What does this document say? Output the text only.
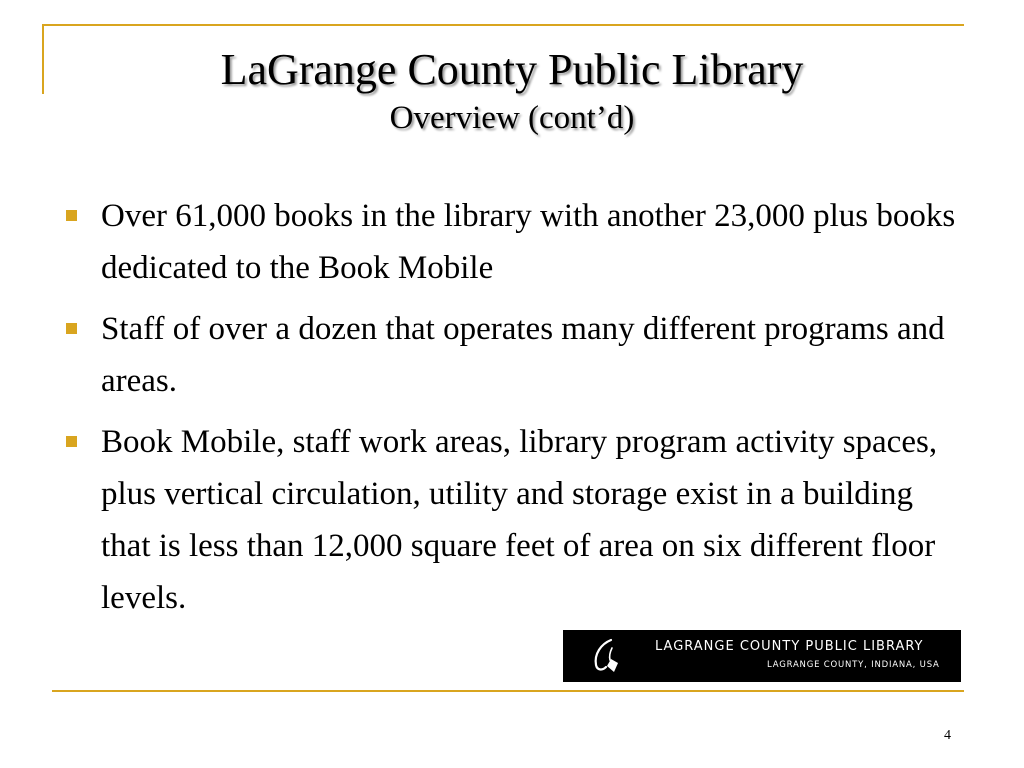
LaGrange County Public Library
Overview (cont’d)
Over 61,000 books in the library with another 23,000 plus books dedicated to the Book Mobile
Staff of over a dozen that operates many different programs and areas.
Book Mobile, staff work areas, library program activity spaces, plus vertical circulation, utility and storage exist in a building that is less than 12,000 square feet of area on six different floor levels.
LAGRANGE COUNTY PUBLIC LIBRARY
LAGRANGE COUNTY, INDIANA, USA
4
